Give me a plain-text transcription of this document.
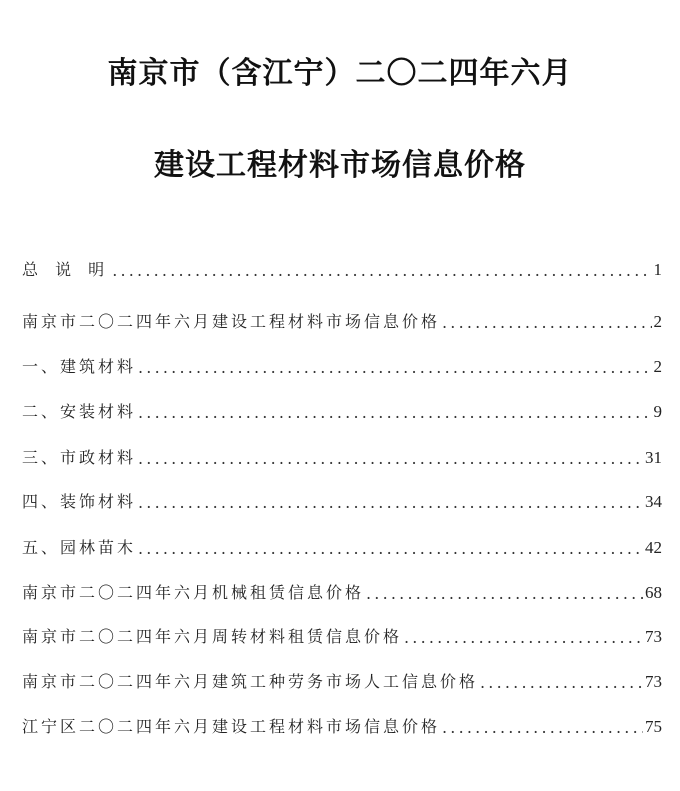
南京市（含江宁）二〇二四年六月
建设工程材料市场信息价格
总 说 明 .....	1
南京市二〇二四年六月建设工程材料市场信息价格 .....	2
一、建筑材料 .....	2
二、安装材料 .....	9
三、市政材料 .....	31
四、装饰材料 .....	34
五、园林苗木 .....	42
南京市二〇二四年六月机械租赁信息价格 .....	68
南京市二〇二四年六月周转材料租赁信息价格 .....	73
南京市二〇二四年六月建筑工种劳务市场人工信息价格 .....	73
江宁区二〇二四年六月建设工程材料市场信息价格 .....	75
